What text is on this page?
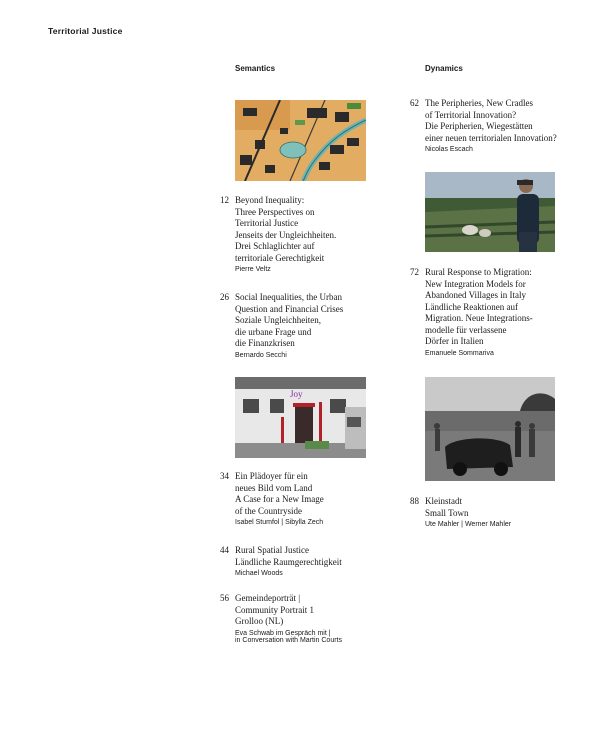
Territorial Justice
Semantics	Dynamics
Joy
12 Beyond Inequality:
Three Perspectives on
Territorial Justice
Jenseits der Ungleichheiten.
Drei Schlaglichter auf
territoriale Gerechtigkeit
Pierre Veltz
26 Social Inequalities, the Urban
Question and Financial Crises
Soziale Ungleichheiten,
die urbane Frage und
die Finanzkrisen
Bernardo Secchi
34 Ein Plädoyer für ein
neues Bild vom Land
A Case for a New Image
of the Countryside
Isabel Stumfol | Sibylla Zech
44 Rural Spatial Justice
Ländliche Raumgerechtigkeit
Michael Woods
56 Gemeindeporträt |
Community Portrait 1
Grolloo (NL)
Eva Schwab im Gespräch mit |
in Conversation with Martin Courts
62 The Peripheries, New Cradles
of Territorial Innovation?
Die Peripherien, Wiegestätten
einer neuen territorialen Innovation?
Nicolas Escach
72 Rural Response to Migration:
New Integration Models for
Abandoned Villages in Italy
Ländliche Reaktionen auf
Migration. Neue Integrations-
modelle für verlassene
Dörfer in Italien
Emanuele Sommariva
88 Kleinstadt
Small Town
Ute Mahler | Werner Mahler
